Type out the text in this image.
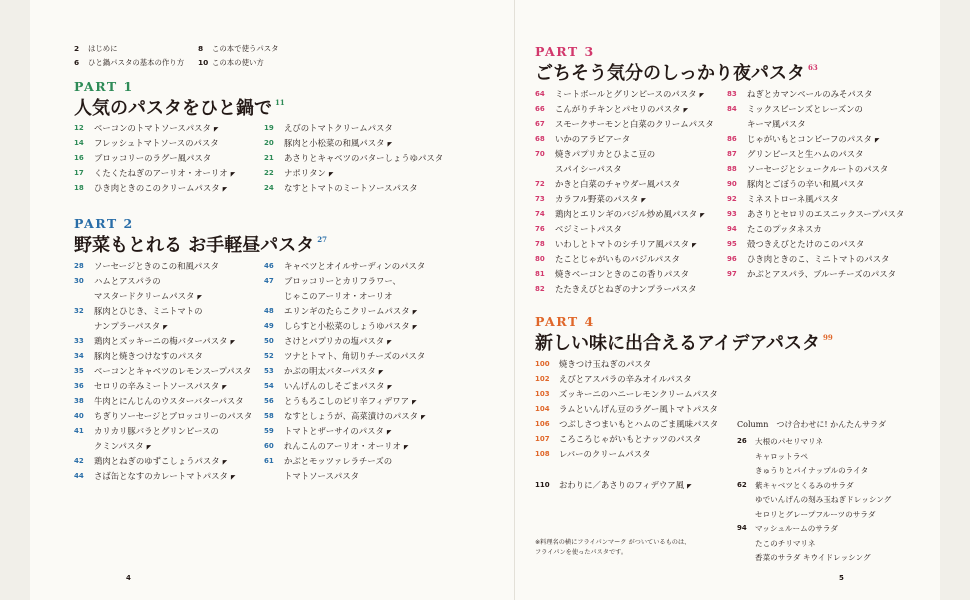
2 はじめに
6 ひと鍋パスタの基本の作り方
8 この本で使うパスタ
10 この本の使い方
PART 1
人気のパスタをひと鍋で $^{11}$
12	ベーコンのトマトソースパスタ
◤
14	フレッシュトマトソースのパスタ
16	ブロッコリーのラグー風パスタ
17	くたくたねぎのアーリオ・オーリオ
◤
18	ひき肉ときのこのクリームパスタ
◤
19	えびのトマトクリームパスタ
20	豚肉と小松菜の和風パスタ
◤
21	あさりとキャベツのバターしょうゆパスタ
22	ナポリタン
◤
24	なすとトマトのミートソースパスタ
PART 2
野菜もとれる お手軽昼パスタ $^{27}$
28	ソーセージときのこの和風パスタ
30	ハムとアスパラの
マスタードクリームパスタ
◤
32	豚肉とひじき、ミニトマトの
ナンプラーパスタ
◤
33	鶏肉とズッキーニの梅バターパスタ
◤
34	豚肉と焼きつけなすのパスタ
35	ベーコンとキャベツのレモンスープパスタ
36	セロリの辛みミートソースパスタ
◤
38	牛肉とにんじんのウスターバターパスタ
40	ちぎりソーセージとブロッコリーのパスタ
41	カリカリ豚バラとグリンピースの
クミンパスタ
◤
42	鶏肉とねぎのゆずこしょうパスタ
◤
44	さば缶となすのカレートマトパスタ
◤
46	キャベツとオイルサーディンのパスタ
47	ブロッコリーとカリフラワー、
じゃこのアーリオ・オーリオ
48	エリンギのたらこクリームパスタ
◤
49	しらすと小松菜のしょうゆパスタ
◤
50	さけとパプリカの塩パスタ
◤
52	ツナとトマト、角切りチーズのパスタ
53	かぶの明太バターパスタ
◤
54	いんげんのしそごまパスタ
◤
56	とうもろこしのピリ辛フィデワア
◤
58	なすとしょうが、高菜漬けのパスタ
◤
59	トマトとザーサイのパスタ
◤
60	れんこんのアーリオ・オーリオ
◤
61	かぶとモッツァレラチーズの
トマトソースパスタ
PART 3
ごちそう気分のしっかり夜パスタ $^{63}$
64	ミートボールとグリンピースのパスタ
◤
66	こんがりチキンとパセリのパスタ
◤
67	スモークサーモンと白菜のクリームパスタ
68	いかのアラビアータ
70	焼きパプリカとひよこ豆の
スパイシーパスタ
72	かきと白菜のチャウダー風パスタ
73	カラフル野菜のパスタ
◤
74	鶏肉とエリンギのバジル炒め風パスタ
◤
76	ベジミートパスタ
78	いわしとトマトのシチリア風パスタ
◤
80	たことじゃがいものバジルパスタ
81	焼きベーコンときのこの香りパスタ
82	たたきえびとねぎのナンプラーパスタ
83	ねぎとカマンベールのみそパスタ
84	ミックスビーンズとレーズンの
キーマ風パスタ
86	じゃがいもとコンビーフのパスタ
◤
87	グリンピースと生ハムのパスタ
88	ソーセージとシュークルートのパスタ
90	豚肉とごぼうの辛い和風パスタ
92	ミネストローネ風パスタ
93	あさりとセロリのエスニックスープパスタ
94	たこのプッタネスカ
95	殻つきえびとたけのこのパスタ
96	ひき肉ときのこ、ミニトマトのパスタ
97	かぶとアスパラ、ブルーチーズのパスタ
PART 4
新しい味に出合えるアイデアパスタ $^{99}$
100	焼きつけ玉ねぎのパスタ
102	えびとアスパラの辛みオイルパスタ
103	ズッキーニのハニーレモンクリームパスタ
104	ラムといんげん豆のラグー風トマトパスタ
106	つぶしさつまいもとハムのごま風味パスタ
107	ころころじゃがいもとナッツのパスタ
108	レバーのクリームパスタ
110	おわりに／あさりのフィデウア風
◤
※料理名の横にフライパンマーク がついているものは、
フライパンを使ったパスタです。
Column　つけ合わせに! かんたんサラダ
26	大根のパセリマリネ
キャロットラペ
きゅうりとパイナップルのライタ
62	紫キャベツとくるみのサラダ
ゆでいんげんの刻み玉ねぎドレッシング
セロリとグレープフルーツのサラダ
94	マッシュルームのサラダ
たこのチリマリネ
香菜のサラダ キウイドレッシング
4	5
